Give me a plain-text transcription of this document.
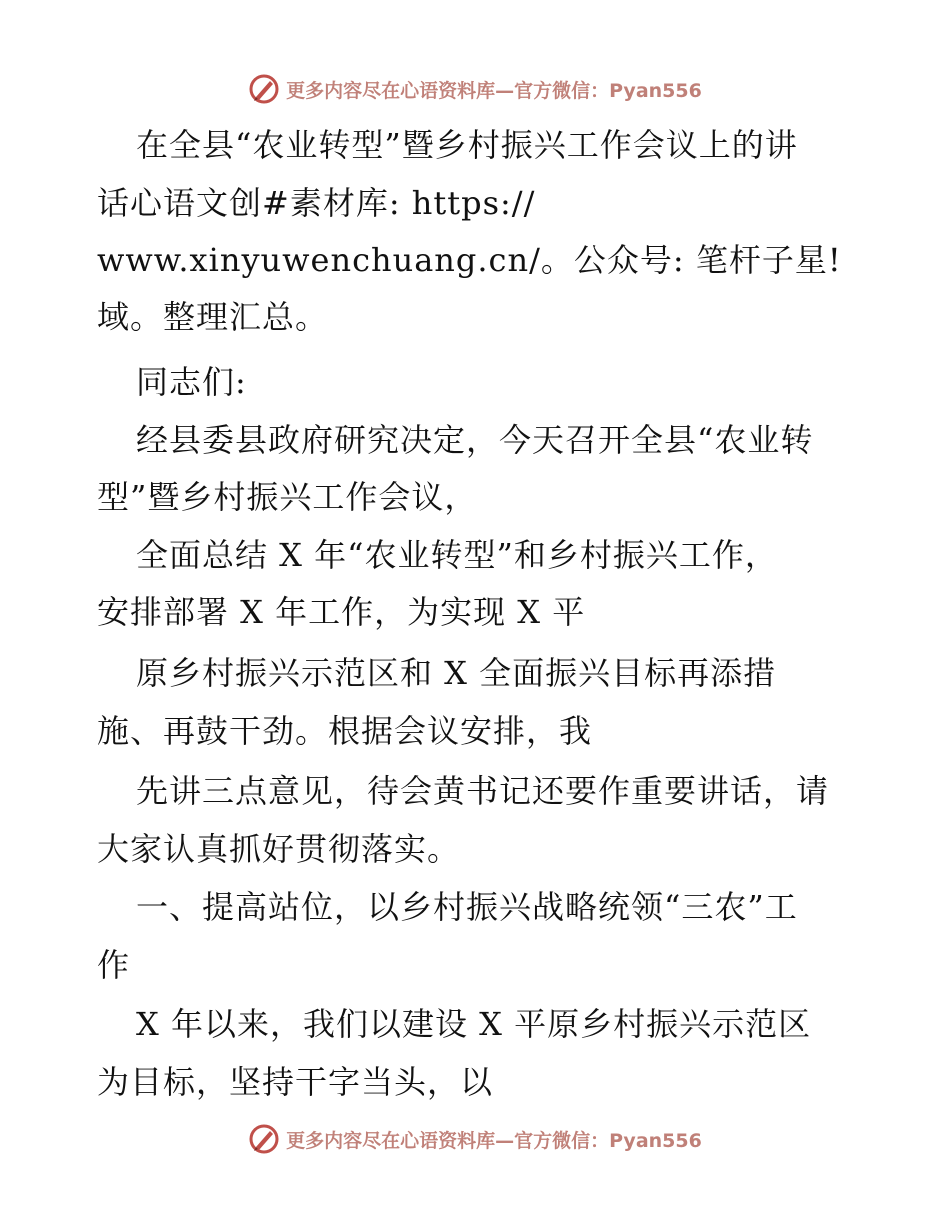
更多内容尽在心语资料库—官方微信：Pyan556
在全县“农业转型”暨乡村振兴工作会议上的讲
话心语文创#素材库: https://
www.xinyuwenchuang.cn/。公众号: 笔杆子星!
域。整理汇总。
同志们:
经县委县政府研究决定，今天召开全县“农业转
型”暨乡村振兴工作会议，
全面总结 X 年“农业转型”和乡村振兴工作，
安排部署 X 年工作，为实现 X 平
原乡村振兴示范区和 X 全面振兴目标再添措
施、再鼓干劲。根据会议安排，我
先讲三点意见，待会黄书记还要作重要讲话，请
大家认真抓好贯彻落实。
一、提高站位，以乡村振兴战略统领“三农”工
作
X 年以来，我们以建设 X 平原乡村振兴示范区
为目标，坚持干字当头，以
更多内容尽在心语资料库—官方微信：Pyan556
